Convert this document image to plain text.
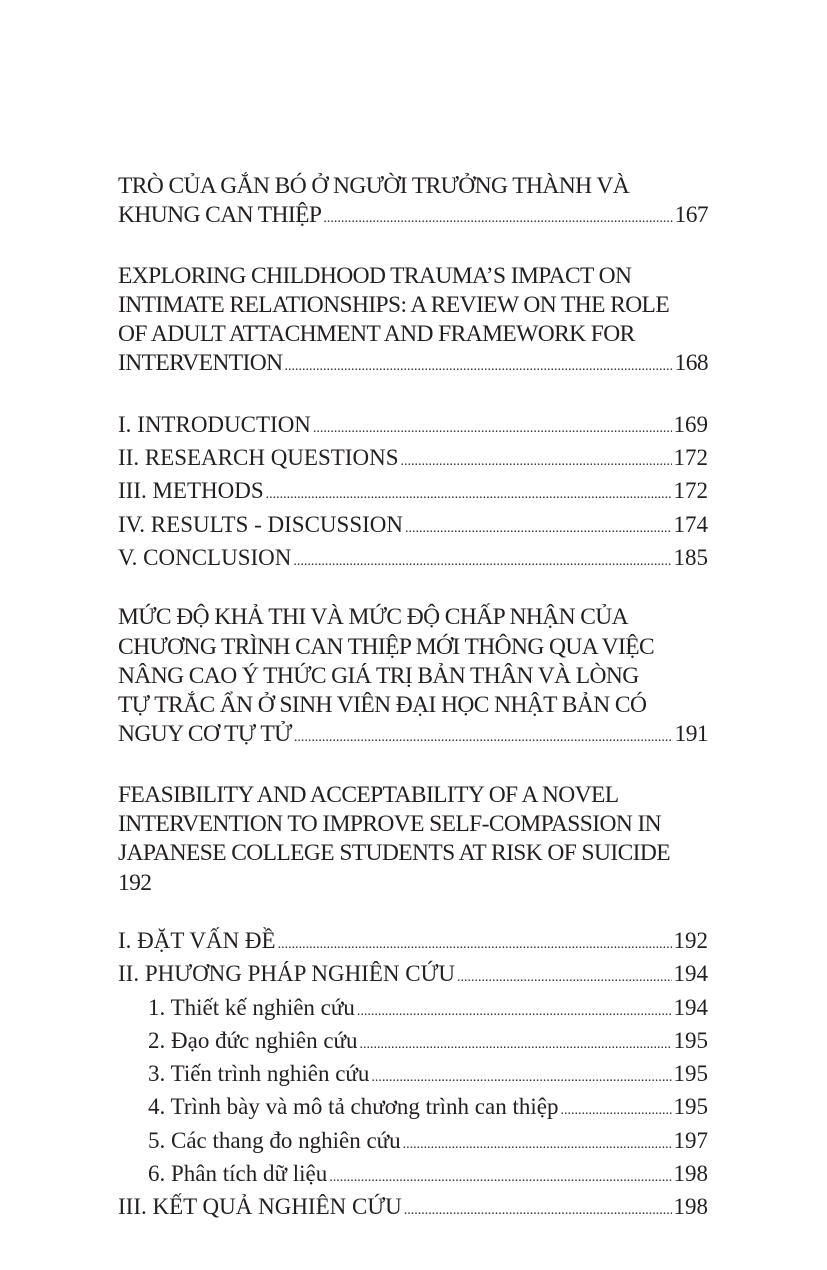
TRÒ CỦA GẮN BÓ Ở NGƯỜI TRƯỞNG THÀNH VÀ
KHUNG CAN THIỆP .....	167
EXPLORING CHILDHOOD TRAUMA’S IMPACT ON
INTIMATE RELATIONSHIPS: A REVIEW ON THE ROLE
OF ADULT ATTACHMENT AND FRAMEWORK FOR
INTERVENTION .....	168
I. INTRODUCTION .....	169
II. RESEARCH QUESTIONS .....	172
III. METHODS .....	172
IV. RESULTS - DISCUSSION .....	174
V. CONCLUSION .....	185
MỨC ĐỘ KHẢ THI VÀ MỨC ĐỘ CHẤP NHẬN CỦA
CHƯƠNG TRÌNH CAN THIỆP MỚI THÔNG QUA VIỆC
NÂNG CAO Ý THỨC GIÁ TRỊ BẢN THÂN VÀ LÒNG
TỰ TRẮC ẨN Ở SINH VIÊN ĐẠI HỌC NHẬT BẢN CÓ
NGUY CƠ TỰ TỬ .....	191
FEASIBILITY AND ACCEPTABILITY OF A NOVEL
INTERVENTION TO IMPROVE SELF-COMPASSION IN
JAPANESE COLLEGE STUDENTS AT RISK OF SUICIDE 192
I. ĐẶT VẤN ĐỀ .....	192
II. PHƯƠNG PHÁP NGHIÊN CỨU .....	194
1. Thiết kế nghiên cứu .....	194
2. Đạo đức nghiên cứu .....	195
3. Tiến trình nghiên cứu .....	195
4. Trình bày và mô tả chương trình can thiệp .....	195
5. Các thang đo nghiên cứu .....	197
6. Phân tích dữ liệu .....	198
III. KẾT QUẢ NGHIÊN CỨU .....	198
